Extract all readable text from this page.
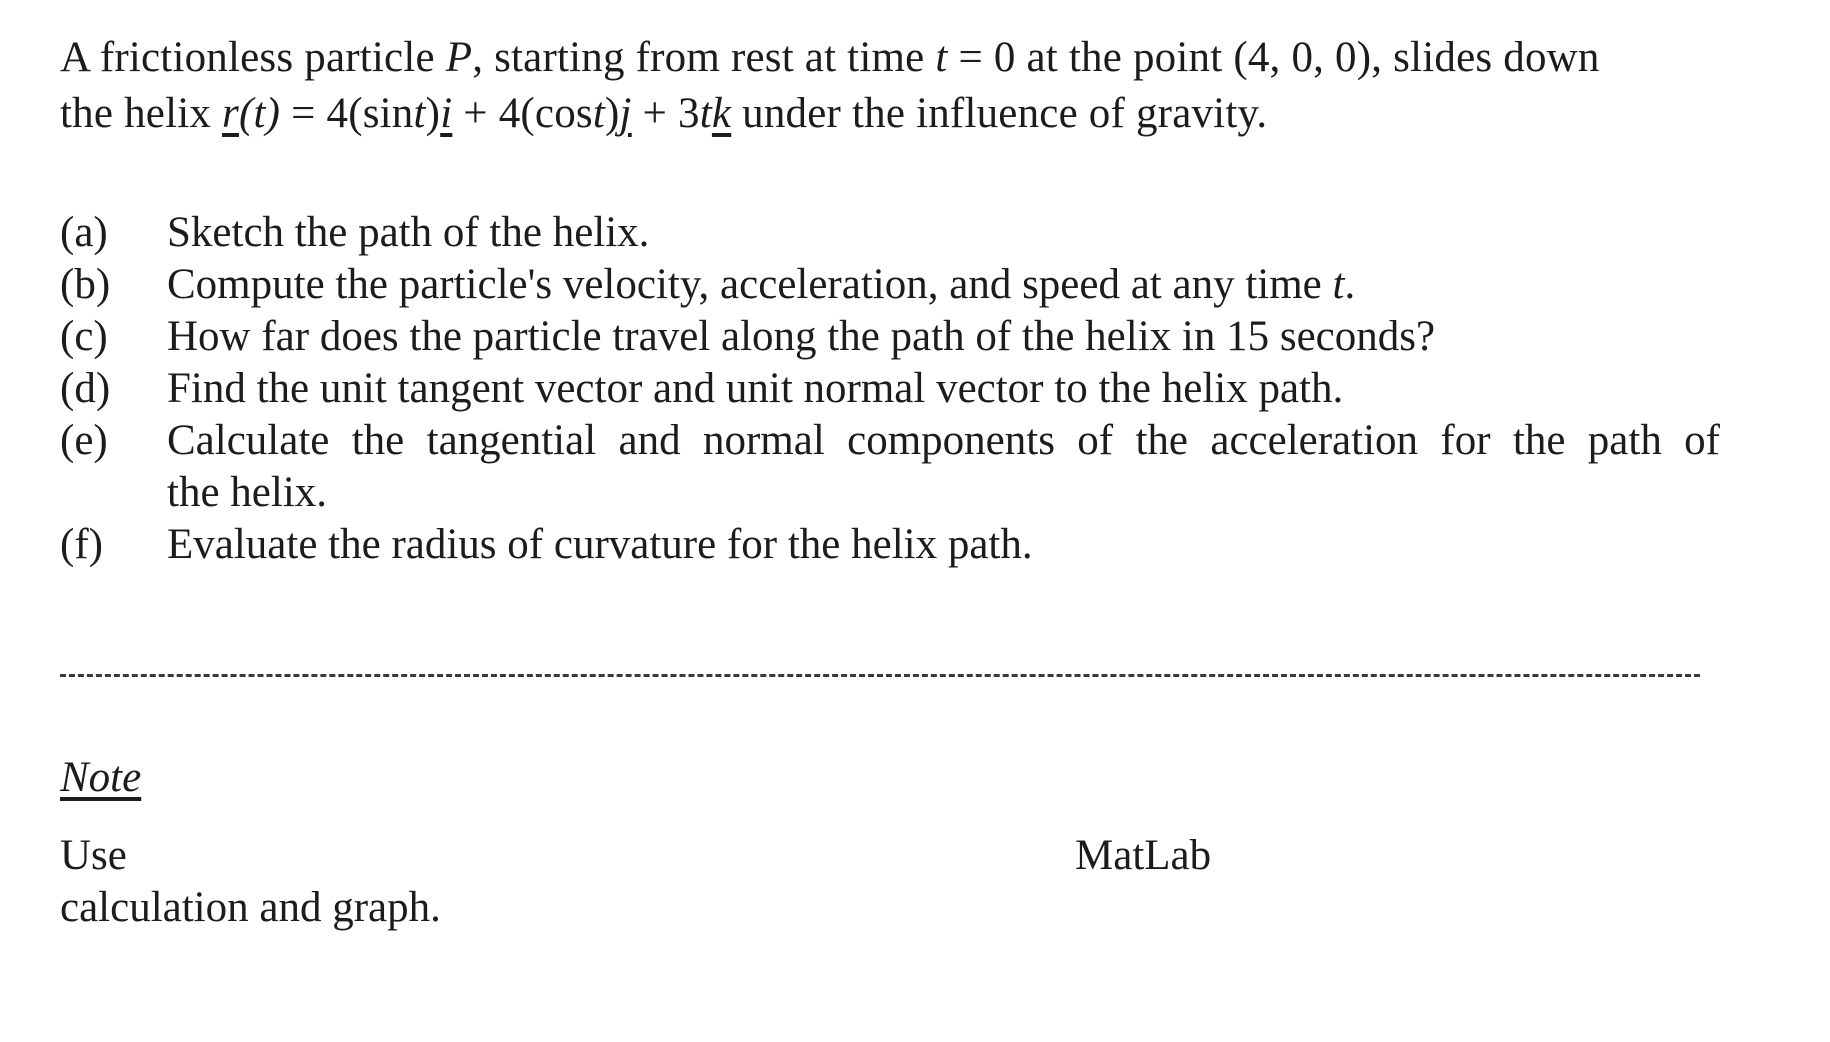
A frictionless particle P, starting from rest at time t = 0 at the point (4, 0, 0), slides down
the helix r(t) = 4(sint)i + 4(cost)j + 3tk under the influence of gravity.
(a)	Sketch the path of the helix.
(b)	Compute the particle's velocity, acceleration, and speed at any time t.
(c)	How far does the particle travel along the path of the helix in 15 seconds?
(d)	Find the unit tangent vector and unit normal vector to the helix path.
(e)	Calculate the tangential and normal components of the acceleration for the path of
the helix.
(f)	Evaluate the radius of curvature for the helix path.
Note
Use	MatLab
calculation and graph.
